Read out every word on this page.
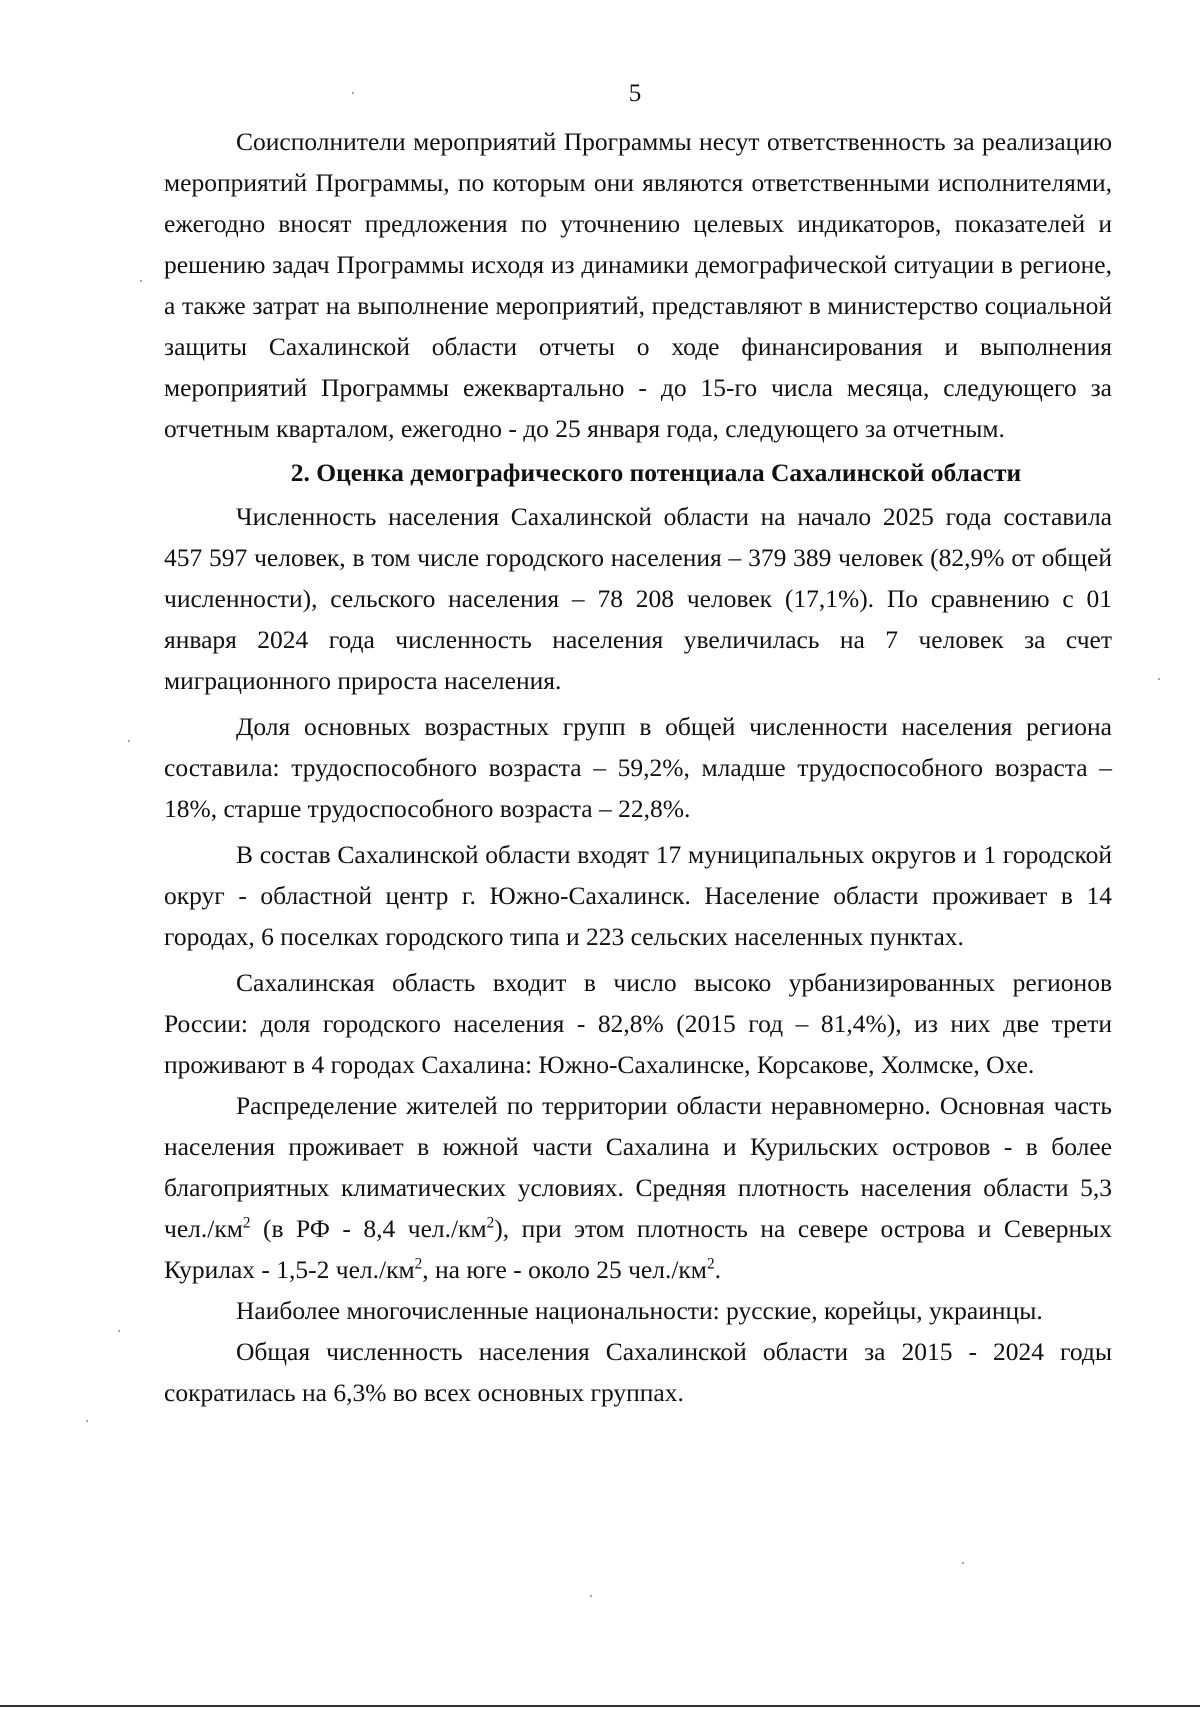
5

Соисполнители мероприятий Программы несут ответственность за реализацию мероприятий Программы, по которым они являются ответственными исполнителями, ежегодно вносят предложения по уточнению целевых индикаторов, показателей и решению задач Программы исходя из динамики демографической ситуации в регионе, а также затрат на выполнение мероприятий, представляют в министерство социальной защиты Сахалинской области отчеты о ходе финансирования и выполнения мероприятий Программы ежеквартально - до 15-го числа месяца, следующего за отчетным кварталом, ежегодно - до 25 января года, следующего за отчетным.

2. Оценка демографического потенциала Сахалинской области

Численность населения Сахалинской области на начало 2025 года составила 457 597 человек, в том числе городского населения – 379 389 человек (82,9% от общей численности), сельского населения – 78 208 человек (17,1%). По сравнению с 01 января 2024 года численность населения увеличилась на 7 человек за счет миграционного прироста населения.

Доля основных возрастных групп в общей численности населения региона составила: трудоспособного возраста – 59,2%, младше трудоспособного возраста – 18%, старше трудоспособного возраста – 22,8%.

В состав Сахалинской области входят 17 муниципальных округов и 1 городской округ - областной центр г. Южно-Сахалинск. Население области проживает в 14 городах, 6 поселках городского типа и 223 сельских населенных пунктах.

Сахалинская область входит в число высоко урбанизированных регионов России: доля городского населения - 82,8% (2015 год – 81,4%), из них две трети проживают в 4 городах Сахалина: Южно-Сахалинске, Корсакове, Холмске, Охе.

Распределение жителей по территории области неравномерно. Основная часть населения проживает в южной части Сахалина и Курильских островов - в более благоприятных климатических условиях. Средняя плотность населения области 5,3 $чел./км^2$ (в РФ - 8,4 $чел./км^2$), при этом плотность на севере острова и Северных Курилах - 1,5-2 $чел./км^2$, на юге - около 25 $чел./км^2$.

Наиболее многочисленные национальности: русские, корейцы, украинцы.

Общая численность населения Сахалинской области за 2015 - 2024 годы сократилась на 6,3% во всех основных группах.
